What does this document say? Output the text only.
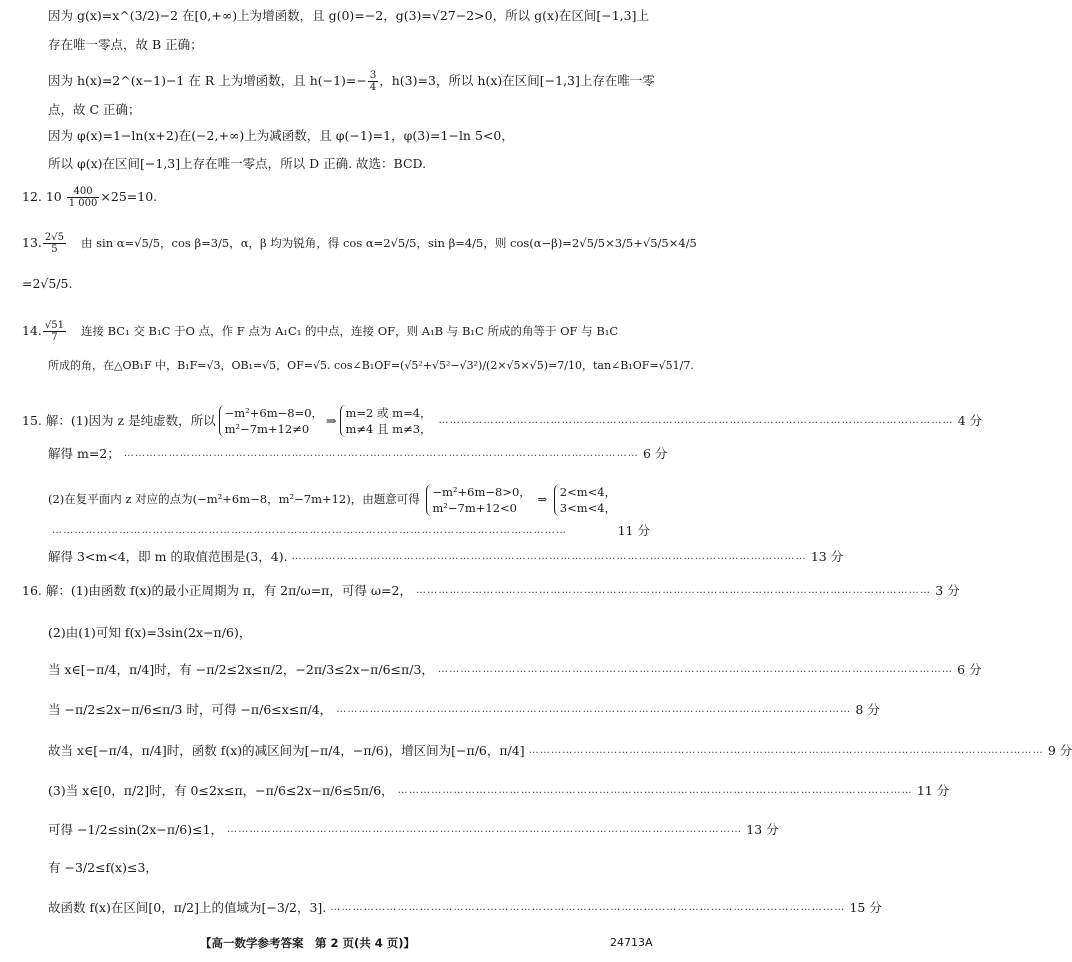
因为 g(x)=x^(3/2)−2 在[0,+∞)上为增函数，且 g(0)=−2，g(3)=√27−2>0，所以 g(x)在区间[−1,3]上
存在唯一零点，故 B 正确；
因为 h(x)=2^(x−1)−1 在 R 上为增函数，且 $h(-1)=- \frac{3}{4}$ ，h(3)=3，所以 h(x)在区间[−1,3]上存在唯一零
点，故 C 正确；
因为 φ(x)=1−ln(x+2)在(−2,+∞)上为减函数，且 φ(−1)=1，φ(3)=1−ln 5<0，
所以 φ(x)在区间[−1,3]上存在唯一零点，所以 D 正确. 故选：BCD.
12. $10 \frac{400}{1 000} \times 25=10$.
13. $\frac{2√5}{5}$ 由 sin α=√5/5，cos β=3/5，α，β 均为锐角，得 cos α=2√5/5，sin β=4/5，则 cos(α−β)=2√5/5×3/5+√5/5×4/5
=2√5/5.
14. $\frac{√51}{7}$ 连接 BC₁ 交 B₁C 于O 点，作 F 点为 A₁C₁ 的中点，连接 OF，则 A₁B 与 B₁C 所成的角等于 OF 与 B₁C
所成的角，在△OB₁F 中，B₁F=√3，OB₁=√5，OF=√5. cos∠B₁OF=(√5²+√5²−√3²)/(2×√5×√5)=7/10，tan∠B₁OF=√51/7.
15. 解：(1)因为 z 是纯虚数，所以 −m²+6m−8=0，
m²−7m+12≠0
⇒ m=2 或 m=4，
m≠4 且 m≠3，
………………………………………………………………………………………………………………………… 4 分
解得 m=2； ………………………………………………………………………………………………………………………… 6 分
(2)在复平面内 z 对应的点为(−m²+6m−8，m²−7m+12)，由题意可得 −m²+6m−8>0，
m²−7m+12<0
⇒ 2<m<4，
3<m<4，
…………………………………………………………………………………………………………………………	11 分
解得 3<m<4，即 m 的取值范围是(3，4). ………………………………………………………………………………………………………………………… 13 分
16. 解：(1)由函数 f(x)的最小正周期为 π，有 2π/ω=π，可得 ω=2， ………………………………………………………………………………………………………………………… 3 分
(2)由(1)可知 f(x)=3sin(2x−π/6)，
当 x∈[−π/4，π/4]时，有 −π/2≤2x≤π/2，−2π/3≤2x−π/6≤π/3， ………………………………………………………………………………………………………………………… 6 分
当 −π/2≤2x−π/6≤π/3 时，可得 −π/6≤x≤π/4， ………………………………………………………………………………………………………………………… 8 分
故当 x∈[−π/4，π/4]时，函数 f(x)的减区间为[−π/4，−π/6)，增区间为[−π/6，π/4] ………………………………………………………………………………………………………………………… 9 分
(3)当 x∈[0，π/2]时，有 0≤2x≤π，−π/6≤2x−π/6≤5π/6， ………………………………………………………………………………………………………………………… 11 分
可得 −1/2≤sin(2x−π/6)≤1， ………………………………………………………………………………………………………………………… 13 分
有 −3/2≤f(x)≤3，
故函数 f(x)在区间[0，π/2]上的值域为[−3/2，3]. ………………………………………………………………………………………………………………………… 15 分
【高一数学参考答案　第 2 页(共 4 页)】	24713A
